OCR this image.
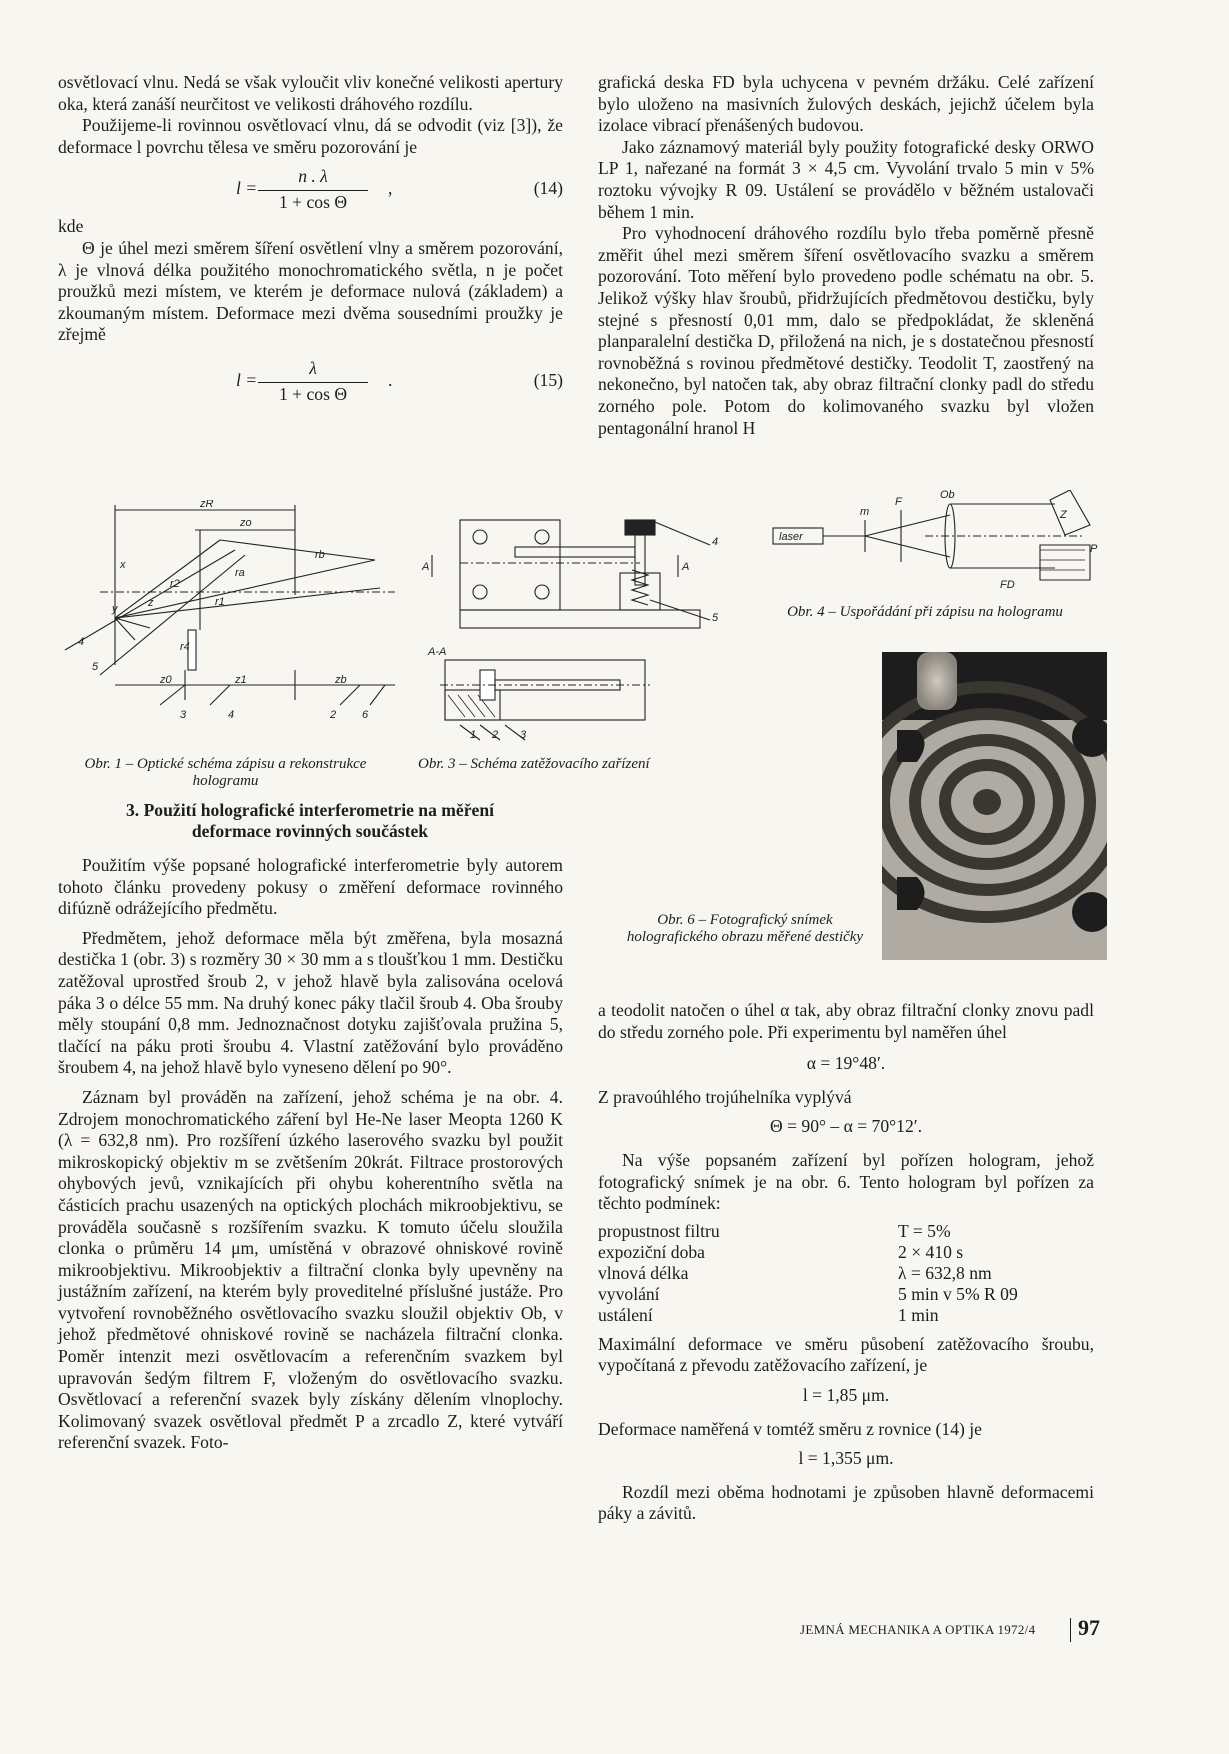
osvětlovací vlnu. Nedá se však vyloučit vliv konečné velikosti apertury oka, která zanáší neurčitost ve velikosti dráhového rozdílu.

Použijeme-li rovinnou osvětlovací vlnu, dá se odvodit (viz [3]), že deformace l povrchu tělesa ve směru pozorování je

$l = \frac{n . \lambda}{\text{1 + cos Θ}}$ ,	(14)

kde

Θ je úhel mezi směrem šíření osvětlení vlny a směrem pozorování, λ je vlnová délka použitého monochromatického světla, n je počet proužků mezi místem, ve kterém je deformace nulová (základem) a zkoumaným místem. Deformace mezi dvěma sousedními proužky je zřejmě

$l = \frac{\lambda}{\text{1 + cos Θ}}$ .	(15)

grafická deska FD byla uchycena v pevném držáku. Celé zařízení bylo uloženo na masivních žulových deskách, jejichž účelem byla izolace vibrací přenášených budovou.

Jako záznamový materiál byly použity fotografické desky ORWO LP 1, nařezané na formát 3 × 4,5 cm. Vyvolání trvalo 5 min v 5% roztoku vývojky R 09. Ustálení se provádělo v běžném ustalovači během 1 min.

Pro vyhodnocení dráhového rozdílu bylo třeba poměrně přesně změřit úhel mezi směrem šíření osvětlovacího svazku a směrem pozorování. Toto měření bylo provedeno podle schématu na obr. 5. Jelikož výšky hlav šroubů, přidržujících předmětovou destičku, byly stejné s přesností 0,01 mm, dalo se předpokládat, že skleněná planparalelní destička D, přiložená na nich, je s dostatečnou přesností rovnoběžná s rovinou předmětové destičky. Teodolit T, zaostřený na nekonečno, byl natočen tak, aby obraz filtrační clonky padl do středu zorného pole. Potom do kolimovaného svazku byl vložen pentagonální hranol H

zR
zo
rb
x
y	z
r2
ra
r1
r4
z0	z1	zb
4
5
3	4	2 6
A	A
4
5
A-A
1 2 3
laser
m
F
Ob
Z
P
FD
Obr. 4 – Uspořádání při zápisu na hologramu
Obr. 6 – Fotografický snímek holografického obrazu měřené destičky
Obr. 1 – Optické schéma zápisu a rekonstrukce hologramu
Obr. 3 – Schéma zatěžovacího zařízení
3. Použití holografické interferometrie na měření deformace rovinných součástek

Použitím výše popsané holografické interferometrie byly autorem tohoto článku provedeny pokusy o změření deformace rovinného difúzně odrážejícího předmětu.

Předmětem, jehož deformace měla být změřena, byla mosazná destička 1 (obr. 3) s rozměry 30 × 30 mm a s tloušťkou 1 mm. Destičku zatěžoval uprostřed šroub 2, v jehož hlavě byla zalisována ocelová páka 3 o délce 55 mm. Na druhý konec páky tlačil šroub 4. Oba šrouby měly stoupání 0,8 mm. Jednoznačnost dotyku zajišťovala pružina 5, tlačící na páku proti šroubu 4. Vlastní zatěžování bylo prováděno šroubem 4, na jehož hlavě bylo vyneseno dělení po 90°.

Záznam byl prováděn na zařízení, jehož schéma je na obr. 4. Zdrojem monochromatického záření byl He-Ne laser Meopta 1260 K (λ = 632,8 nm). Pro rozšíření úzkého laserového svazku byl použit mikroskopický objektiv m se zvětšením 20krát. Filtrace prostorových ohybových jevů, vznikajících při ohybu koherentního světla na částicích prachu usazených na optických plochách mikroobjektivu, se prováděla současně s rozšířením svazku. K tomuto účelu sloužila clonka o průměru 14 μm, umístěná v obrazové ohniskové rovině mikroobjektivu. Mikroobjektiv a filtrační clonka byly upevněny na justážním zařízení, na kterém byly proveditelné příslušné justáže. Pro vytvoření rovnoběžného osvětlovacího svazku sloužil objektiv Ob, v jehož předmětové ohniskové rovině se nacházela filtrační clonka. Poměr intenzit mezi osvětlovacím a referenčním svazkem byl upravován šedým filtrem F, vloženým do osvětlovacího svazku. Osvětlovací a referenční svazek byly získány dělením vlnoplochy. Kolimovaný svazek osvětloval předmět P a zrcadlo Z, které vytváří referenční svazek. Foto-

a teodolit natočen o úhel α tak, aby obraz filtrační clonky znovu padl do středu zorného pole. Při experimentu byl naměřen úhel

α = 19°48′.

Z pravoúhlého trojúhelníka vyplývá

Θ = 90° – α = 70°12′.

Na výše popsaném zařízení byl pořízen hologram, jehož fotografický snímek je na obr. 6. Tento hologram byl pořízen za těchto podmínek:

propustnost filtru	T = 5%
expoziční doba	2 × 410 s
vlnová délka	λ = 632,8 nm
vyvolání	5 min v 5% R 09
ustálení	1 min

Maximální deformace ve směru působení zatěžovacího šroubu, vypočítaná z převodu zatěžovacího zařízení, je

l = 1,85 μm.

Deformace naměřená v tomtéž směru z rovnice (14) je

l = 1,355 μm.

Rozdíl mezi oběma hodnotami je způsoben hlavně deformacemi páky a závitů.

JEMNÁ MECHANIKA A OPTIKA 1972/4 97
